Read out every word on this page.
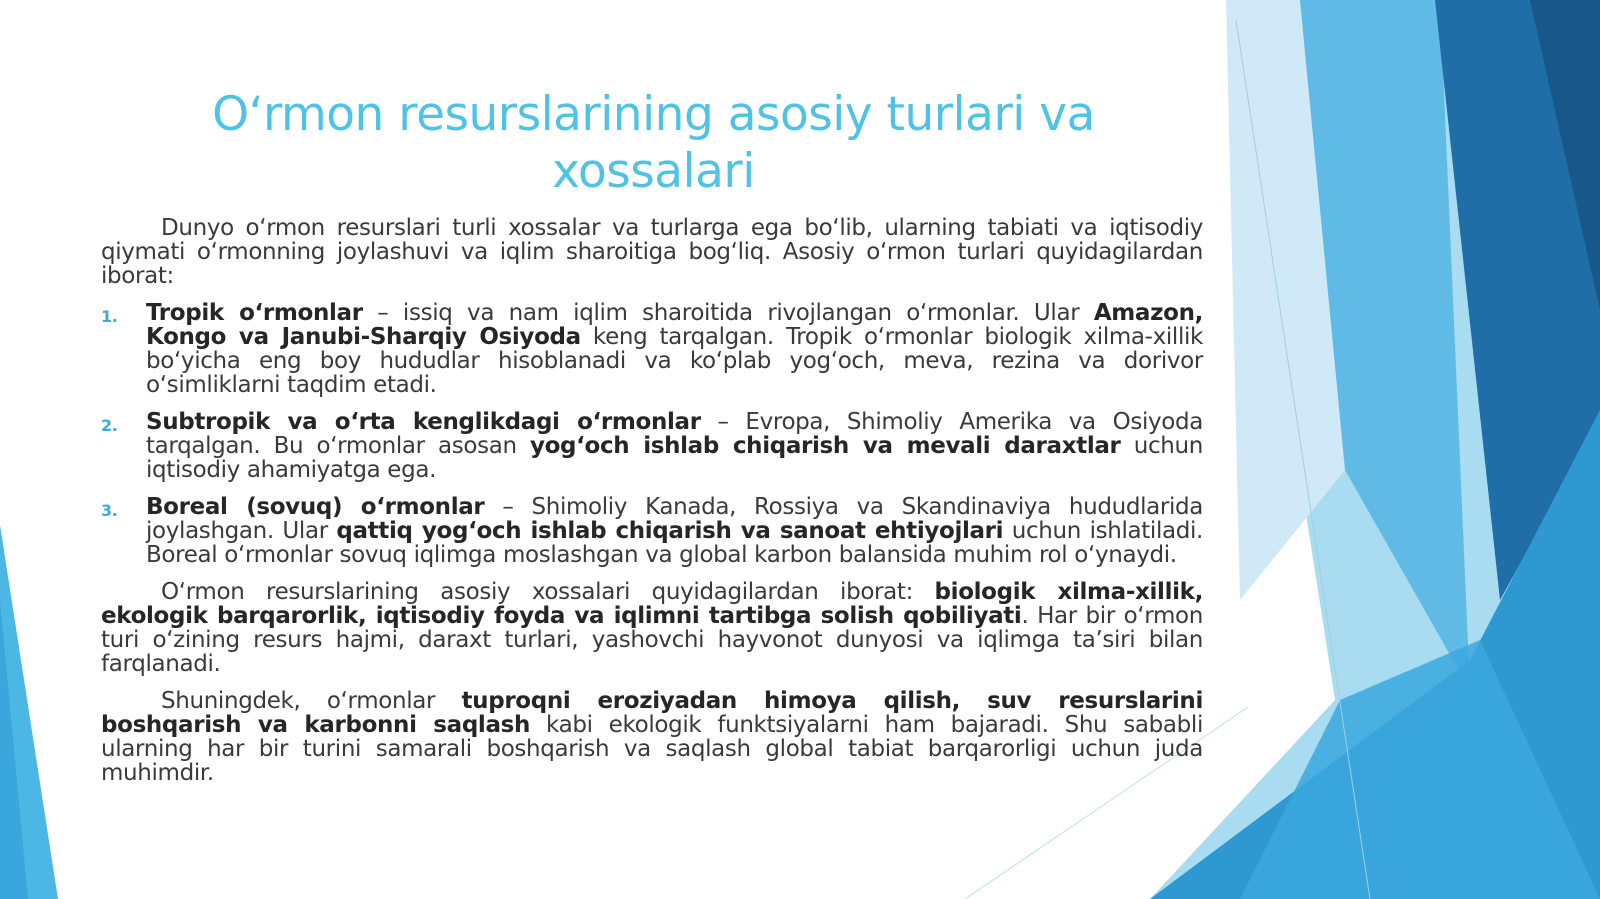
O‘rmon resurslarining asosiy turlari va xossalari

Dunyo o‘rmon resurslari turli xossalar va turlarga ega bo‘lib, ularning tabiati va iqtisodiy qiymati o‘rmonning joylashuvi va iqlim sharoitiga bog‘liq. Asosiy o‘rmon turlari quyidagilardan iborat:

1. Tropik o‘rmonlar – issiq va nam iqlim sharoitida rivojlangan o‘rmonlar. Ular Amazon, Kongo va Janubi-Sharqiy Osiyoda keng tarqalgan. Tropik o‘rmonlar biologik xilma-xillik bo‘yicha eng boy hududlar hisoblanadi va ko‘plab yog‘och, meva, rezina va dorivor o‘simliklarni taqdim etadi.
2. Subtropik va o‘rta kenglikdagi o‘rmonlar – Evropa, Shimoliy Amerika va Osiyoda tarqalgan. Bu o‘rmonlar asosan yog‘och ishlab chiqarish va mevali daraxtlar uchun iqtisodiy ahamiyatga ega.
3. Boreal (sovuq) o‘rmonlar – Shimoliy Kanada, Rossiya va Skandinaviya hududlarida joylashgan. Ular qattiq yog‘och ishlab chiqarish va sanoat ehtiyojlari uchun ishlatiladi. Boreal o‘rmonlar sovuq iqlimga moslashgan va global karbon balansida muhim rol o‘ynaydi.

O‘rmon resurslarining asosiy xossalari quyidagilardan iborat: biologik xilma-xillik, ekologik barqarorlik, iqtisodiy foyda va iqlimni tartibga solish qobiliyati. Har bir o‘rmon turi o‘zining resurs hajmi, daraxt turlari, yashovchi hayvonot dunyosi va iqlimga ta’siri bilan farqlanadi.

Shuningdek, o‘rmonlar tuproqni eroziyadan himoya qilish, suv resurslarini boshqarish va karbonni saqlash kabi ekologik funktsiyalarni ham bajaradi. Shu sababli ularning har bir turini samarali boshqarish va saqlash global tabiat barqarorligi uchun juda muhimdir.
